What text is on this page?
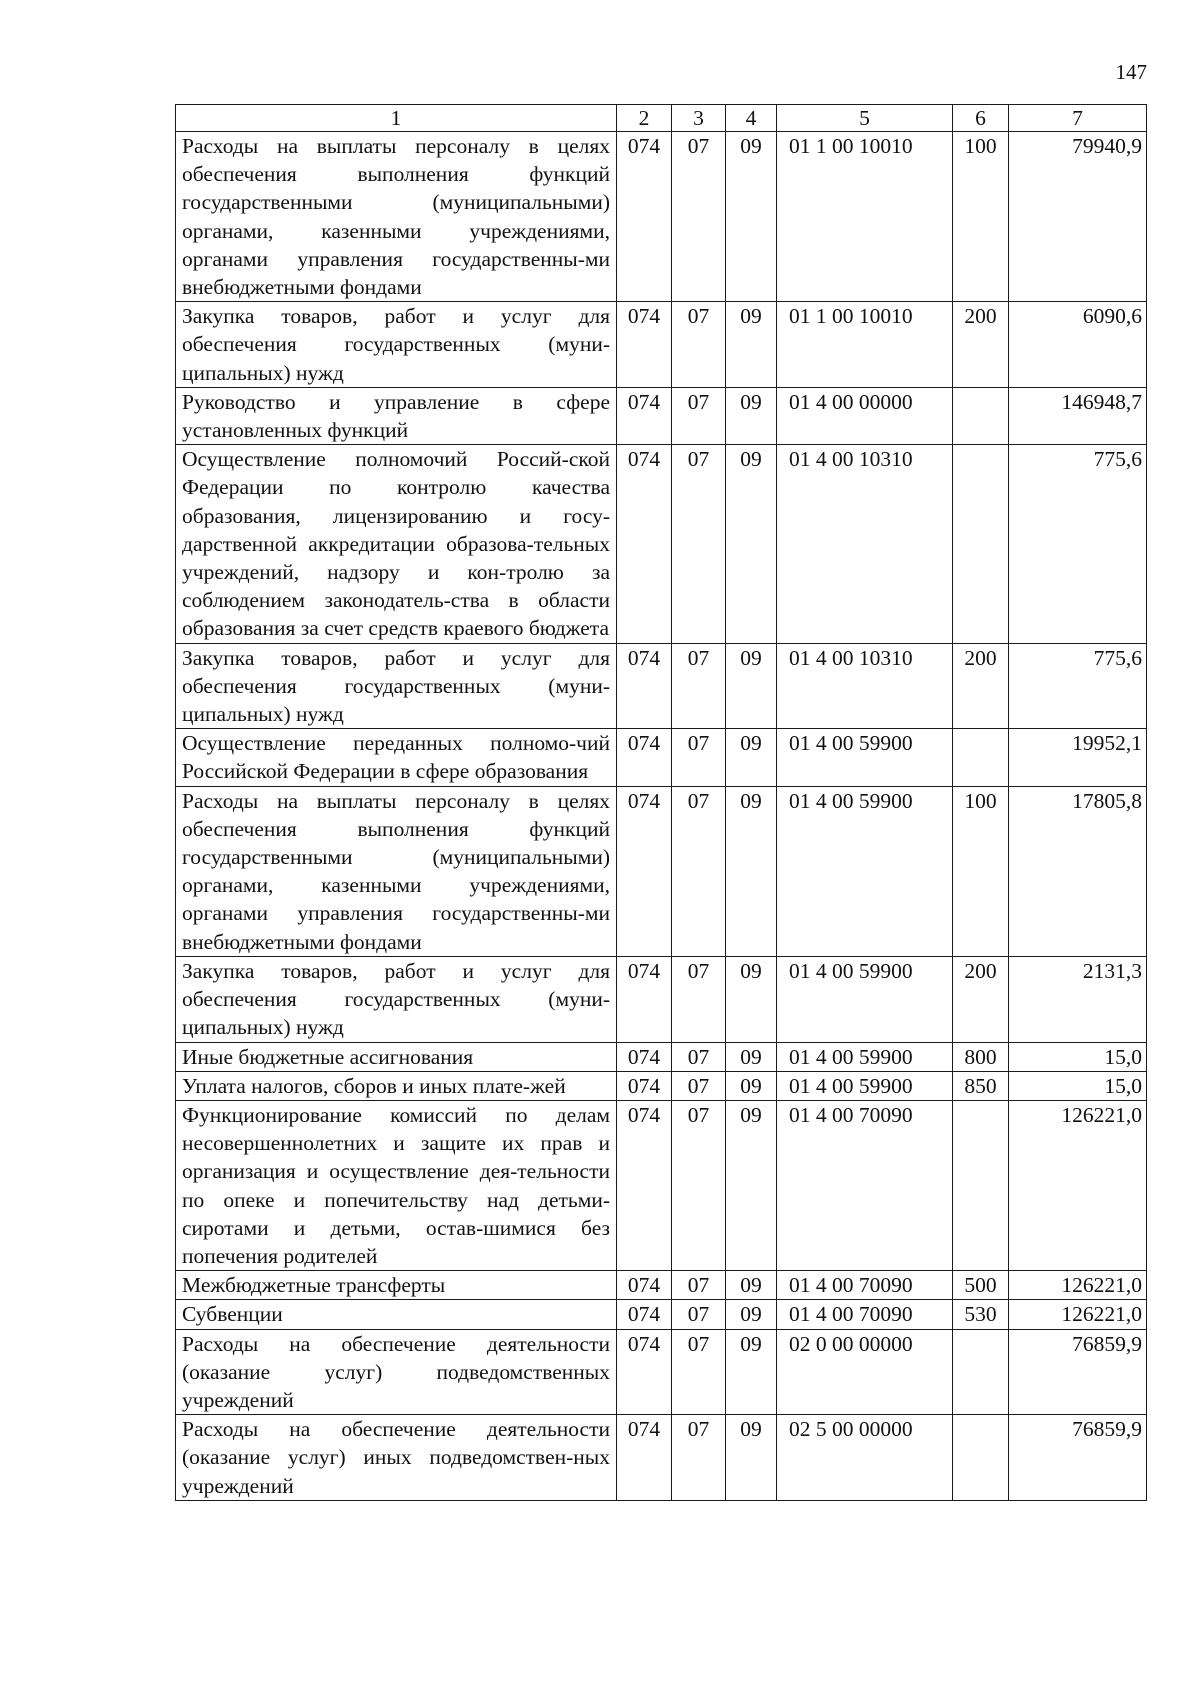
147
1	2	3	4	5	6	7
Расходы на выплаты персоналу в целях обеспечения выполнения функций государственными (муниципальными) органами, казенными учреждениями, органами управления государственны-ми внебюджетными фондами	074	07	09	01 1 00 10010	100	79940,9
Закупка товаров, работ и услуг для обеспечения государственных (муни-ципальных) нужд	074	07	09	01 1 00 10010	200	6090,6
Руководство и управление в сфере установленных функций	074	07	09	01 4 00 00000		146948,7
Осуществление полномочий Россий-ской Федерации по контролю качества образования, лицензированию и госу-дарственной аккредитации образова-тельных учреждений, надзору и кон-тролю за соблюдением законодатель-ства в области образования за счет средств краевого бюджета	074	07	09	01 4 00 10310		775,6
Закупка товаров, работ и услуг для обеспечения государственных (муни-ципальных) нужд	074	07	09	01 4 00 10310	200	775,6
Осуществление переданных полномо-чий Российской Федерации в сфере образования	074	07	09	01 4 00 59900		19952,1
Расходы на выплаты персоналу в целях обеспечения выполнения функций государственными (муниципальными) органами, казенными учреждениями, органами управления государственны-ми внебюджетными фондами	074	07	09	01 4 00 59900	100	17805,8
Закупка товаров, работ и услуг для обеспечения государственных (муни-ципальных) нужд	074	07	09	01 4 00 59900	200	2131,3
Иные бюджетные ассигнования	074	07	09	01 4 00 59900	800	15,0
Уплата налогов, сборов и иных плате-жей	074	07	09	01 4 00 59900	850	15,0
Функционирование комиссий по делам несовершеннолетних и защите их прав и организация и осуществление дея-тельности по опеке и попечительству над детьми-сиротами и детьми, остав-шимися без попечения родителей	074	07	09	01 4 00 70090		126221,0
Межбюджетные трансферты	074	07	09	01 4 00 70090	500	126221,0
Субвенции	074	07	09	01 4 00 70090	530	126221,0
Расходы на обеспечение деятельности (оказание услуг) подведомственных учреждений	074	07	09	02 0 00 00000		76859,9
Расходы на обеспечение деятельности (оказание услуг) иных подведомствен-ных учреждений	074	07	09	02 5 00 00000		76859,9
